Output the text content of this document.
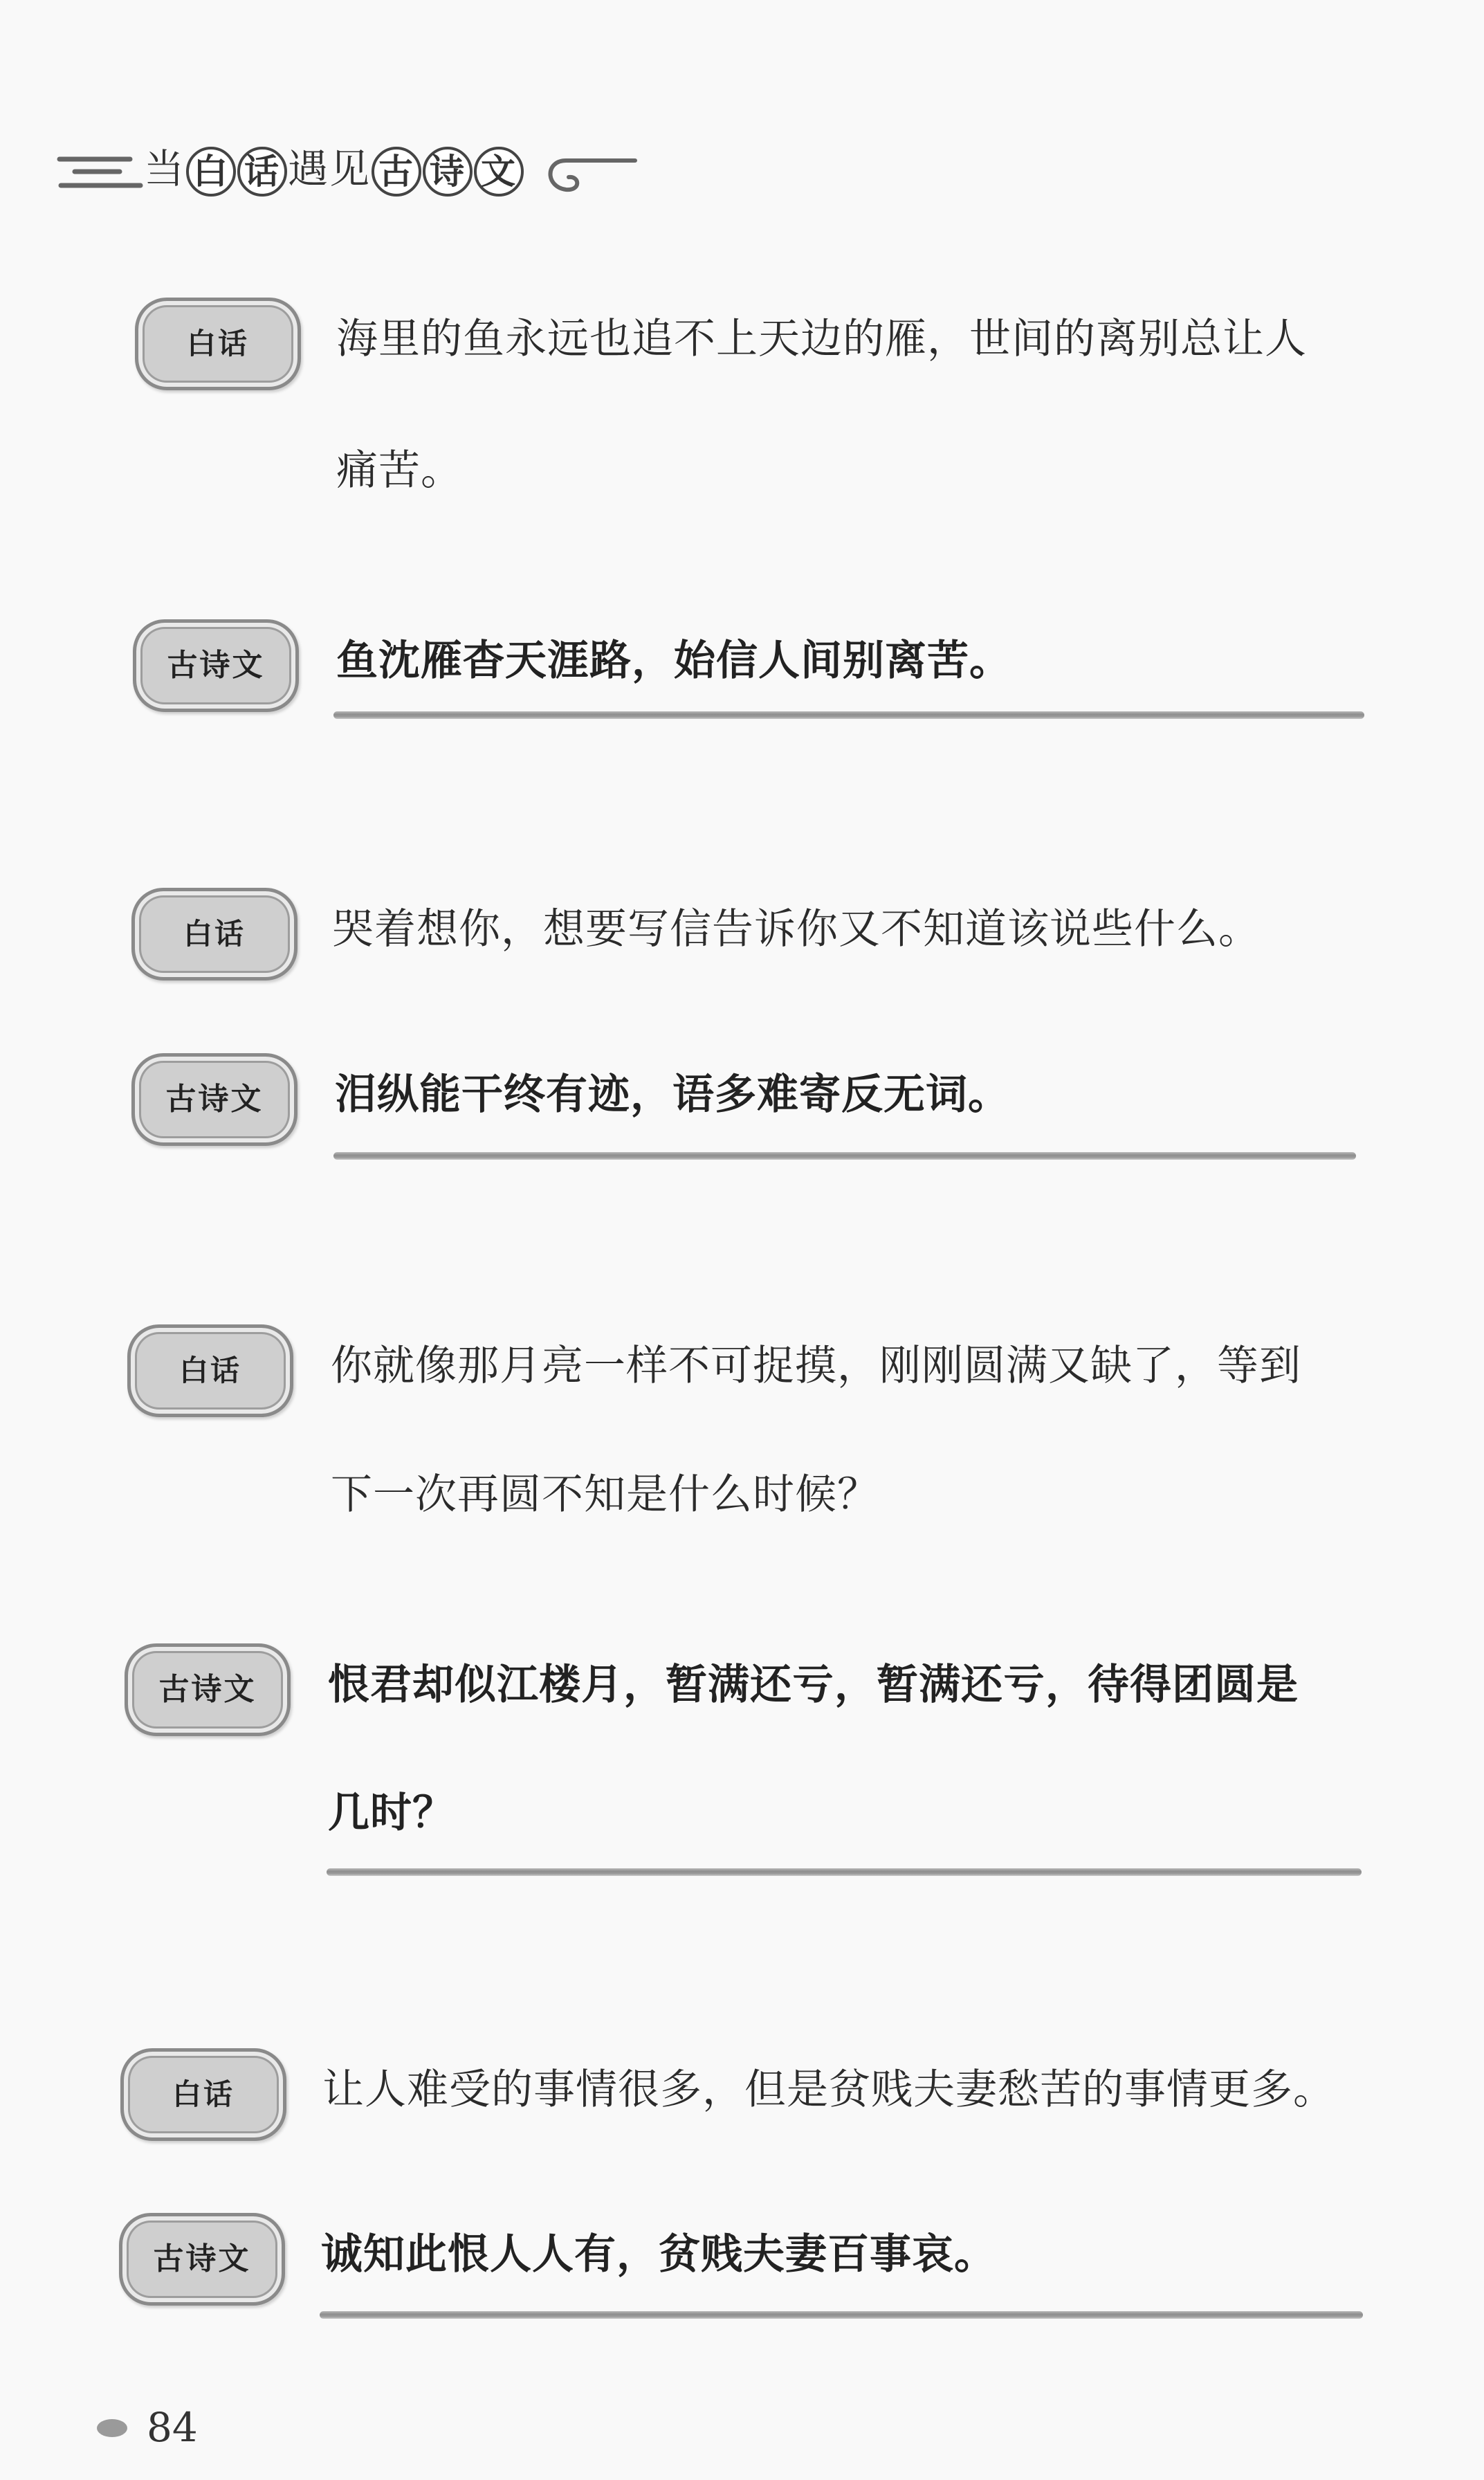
当 白 话 遇见 古 诗 文
白话	海里的鱼永远也追不上天边的雁，世间的离别总让人
痛苦。
古诗文	鱼沈雁杳天涯路，始信人间别离苦。
白话	哭着想你，想要写信告诉你又不知道该说些什么。
古诗文	泪纵能干终有迹，语多难寄反无词。
白话	你就像那月亮一样不可捉摸，刚刚圆满又缺了，等到
下一次再圆不知是什么时候？
古诗文	恨君却似江楼月，暂满还亏，暂满还亏，待得团圆是
几时？
白话	让人难受的事情很多，但是贫贱夫妻愁苦的事情更多。
古诗文	诚知此恨人人有，贫贱夫妻百事哀。
84
